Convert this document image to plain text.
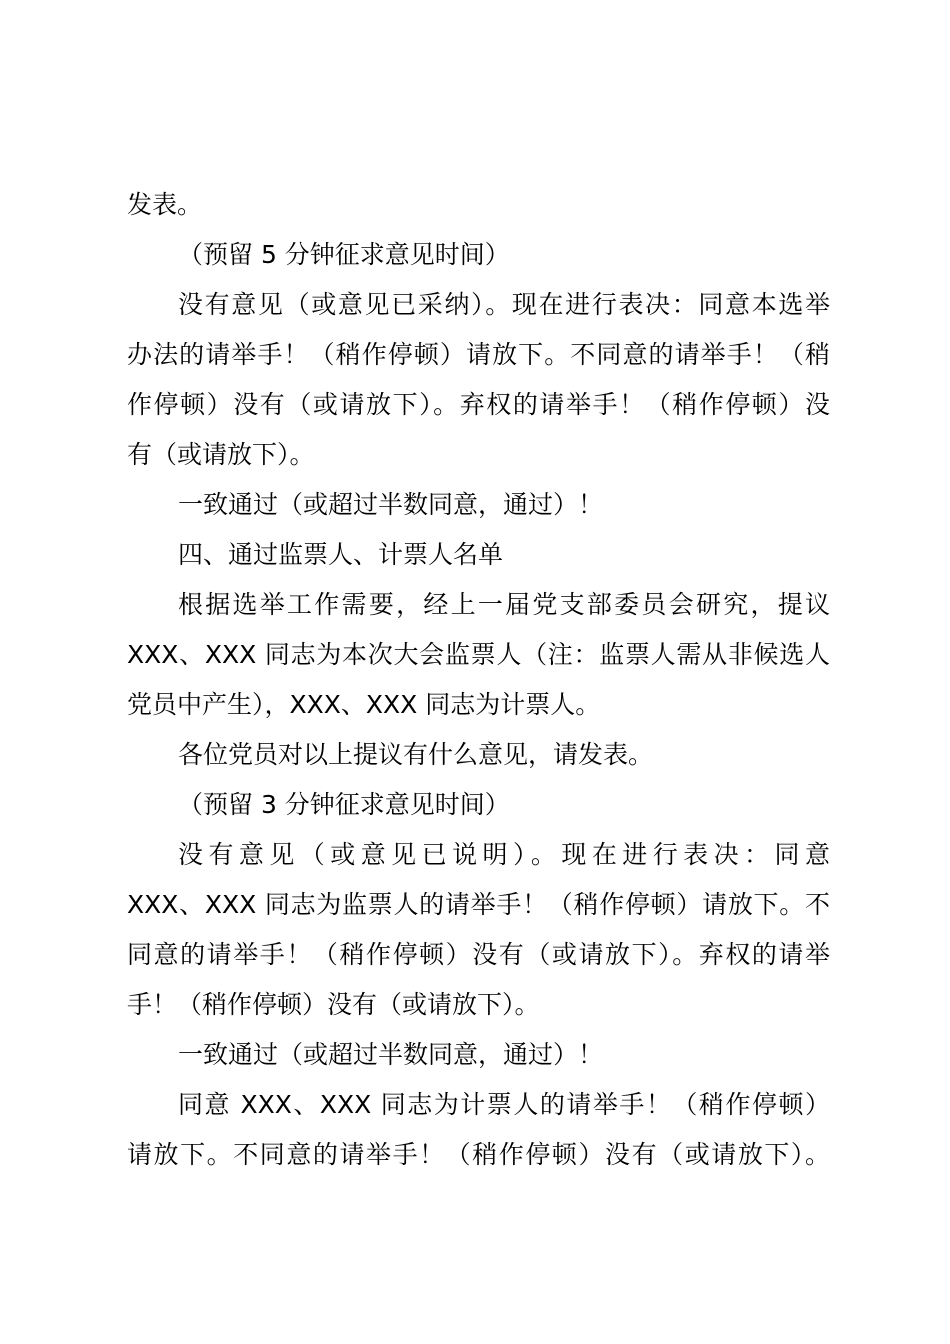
发表。
（预留 5 分钟征求意见时间）
没有意见（或意见已采纳）。现在进行表决：同意本选举
办法的请举手！（稍作停顿）请放下。不同意的请举手！（稍
作停顿）没有（或请放下）。弃权的请举手！（稍作停顿）没
有（或请放下）。
一致通过（或超过半数同意，通过）！
四、通过监票人、计票人名单
根据选举工作需要，经上一届党支部委员会研究，提议
XXX、XXX 同志为本次大会监票人（注：监票人需从非候选人
党员中产生），XXX、XXX 同志为计票人。
各位党员对以上提议有什么意见，请发表。
（预留 3 分钟征求意见时间）
没有意见（或意见已说明）。现在进行表决：同意
XXX、XXX 同志为监票人的请举手！（稍作停顿）请放下。不
同意的请举手！（稍作停顿）没有（或请放下）。弃权的请举
手！（稍作停顿）没有（或请放下）。
一致通过（或超过半数同意，通过）！
同意 XXX、XXX 同志为计票人的请举手！（稍作停顿）
请放下。不同意的请举手！（稍作停顿）没有（或请放下）。
